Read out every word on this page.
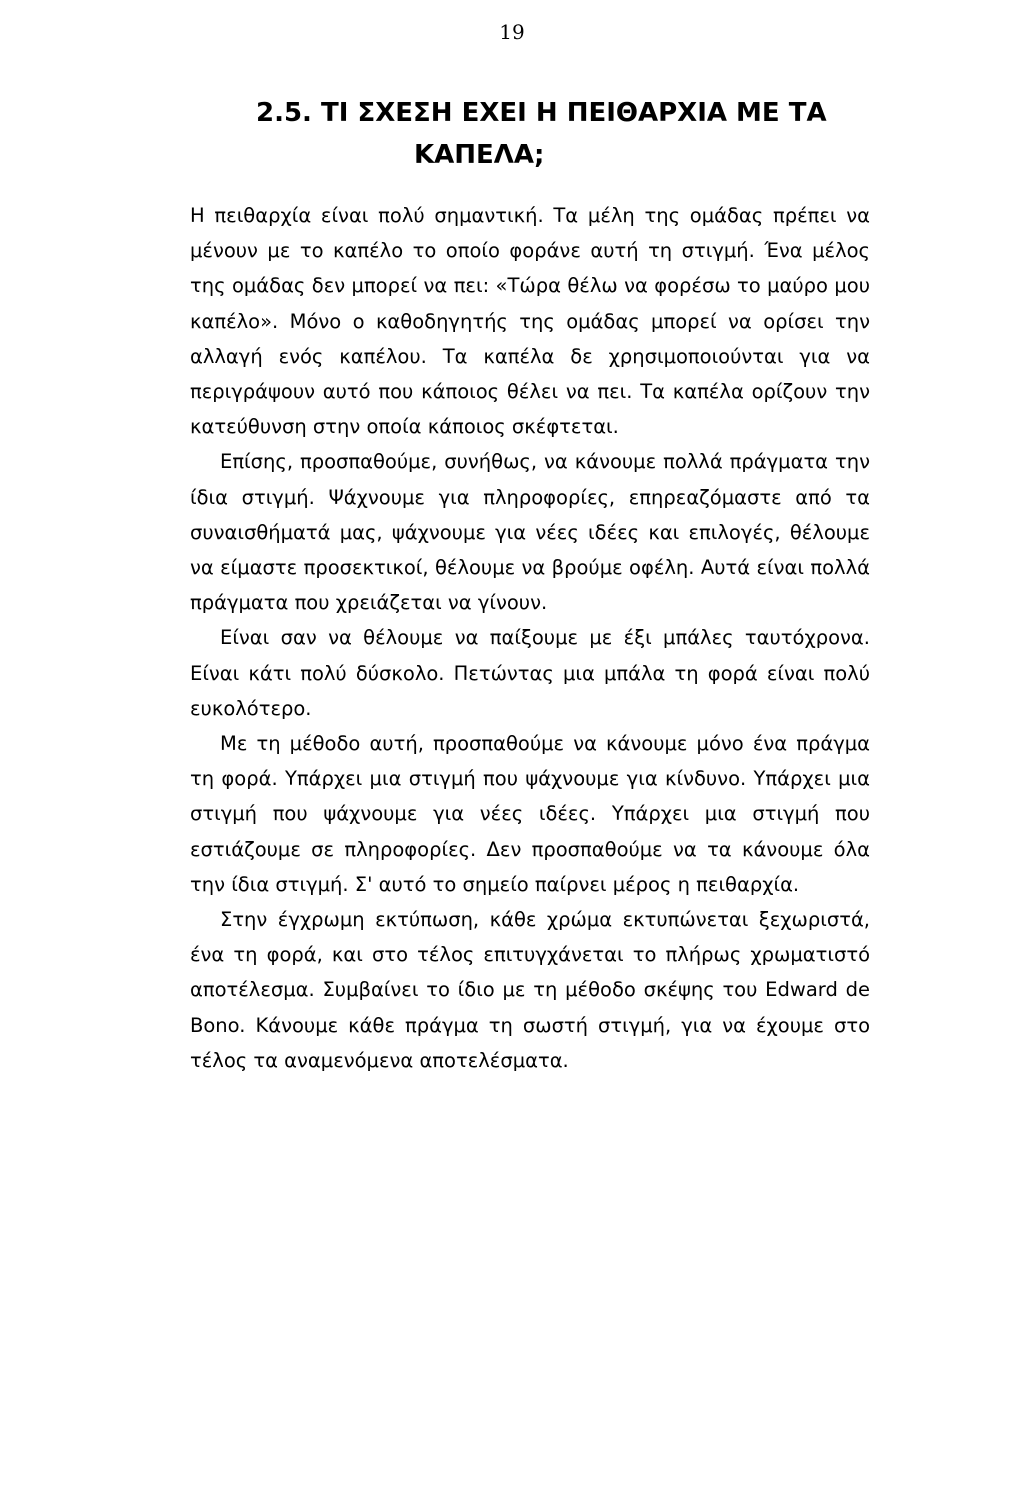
19
2.5. ΤΙ ΣΧΕΣΗ ΕΧΕΙ Η ΠΕΙΘΑΡΧΙΑ ΜΕ ΤΑ
ΚΑΠΕΛΑ;

Η πειθαρχία είναι πολύ σημαντική. Τα μέλη της ομάδας πρέπει να μένουν με το καπέλο το οποίο φοράνε αυτή τη στιγμή. Ένα μέλος της ομάδας δεν μπορεί να πει: «Τώρα θέλω να φορέσω το μαύρο μου καπέλο». Μόνο ο καθοδηγητής της ομάδας μπορεί να ορίσει την αλλαγή ενός καπέλου. Τα καπέλα δε χρησιμοποιούνται για να περιγράψουν αυτό που κάποιος θέλει να πει. Τα καπέλα ορίζουν την κατεύθυνση στην οποία κάποιος σκέφτεται.

Επίσης, προσπαθούμε, συνήθως, να κάνουμε πολλά πράγματα την ίδια στιγμή. Ψάχνουμε για πληροφορίες, επηρεαζόμαστε από τα συναισθήματά μας, ψάχνουμε για νέες ιδέες και επιλογές, θέλουμε να είμαστε προσεκτικοί, θέλουμε να βρούμε οφέλη. Αυτά είναι πολλά πράγματα που χρειάζεται να γίνουν.

Είναι σαν να θέλουμε να παίξουμε με έξι μπάλες ταυτόχρονα. Είναι κάτι πολύ δύσκολο. Πετώντας μια μπάλα τη φορά είναι πολύ ευκολότερο.

Με τη μέθοδο αυτή, προσπαθούμε να κάνουμε μόνο ένα πράγμα τη φορά. Υπάρχει μια στιγμή που ψάχνουμε για κίνδυνο. Υπάρχει μια στιγμή που ψάχνουμε για νέες ιδέες. Υπάρχει μια στιγμή που εστιάζουμε σε πληροφορίες. Δεν προσπαθούμε να τα κάνουμε όλα την ίδια στιγμή. Σ' αυτό το σημείο παίρνει μέρος η πειθαρχία.

Στην έγχρωμη εκτύπωση, κάθε χρώμα εκτυπώνεται ξεχωριστά, ένα τη φορά, και στο τέλος επιτυγχάνεται το πλήρως χρωματιστό αποτέλεσμα. Συμβαίνει το ίδιο με τη μέθοδο σκέψης του Edward de Bono. Κάνουμε κάθε πράγμα τη σωστή στιγμή, για να έχουμε στο τέλος τα αναμενόμενα αποτελέσματα.
